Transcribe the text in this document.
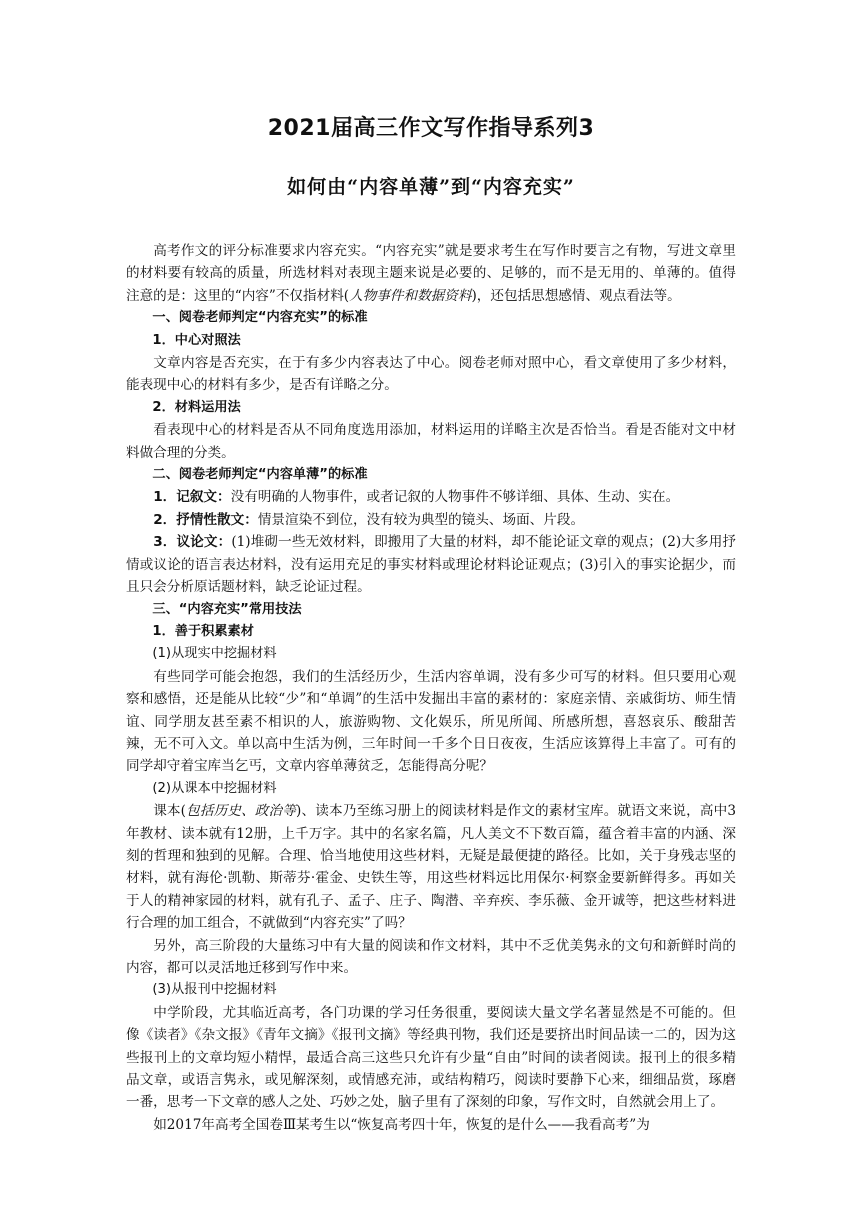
2021届高三作文写作指导系列3
如何由“内容单薄”到“内容充实”

高考作文的评分标准要求内容充实。“内容充实”就是要求考生在写作时要言之有物，写进文章里的材料要有较高的质量，所选材料对表现主题来说是必要的、足够的，而不是无用的、单薄的。值得注意的是：这里的“内容”不仅指材料(人物事件和数据资料)，还包括思想感情、观点看法等。

一、阅卷老师判定“内容充实”的标准

1．中心对照法

文章内容是否充实，在于有多少内容表达了中心。阅卷老师对照中心，看文章使用了多少材料，能表现中心的材料有多少，是否有详略之分。

2．材料运用法

看表现中心的材料是否从不同角度选用添加，材料运用的详略主次是否恰当。看是否能对文中材料做合理的分类。

二、阅卷老师判定“内容单薄”的标准

1．记叙文：没有明确的人物事件，或者记叙的人物事件不够详细、具体、生动、实在。

2．抒情性散文：情景渲染不到位，没有较为典型的镜头、场面、片段。

3．议论文：(1)堆砌一些无效材料，即搬用了大量的材料，却不能论证文章的观点；(2)大多用抒情或议论的语言表达材料，没有运用充足的事实材料或理论材料论证观点；(3)引入的事实论据少，而且只会分析原话题材料，缺乏论证过程。

三、“内容充实”常用技法

1．善于积累素材

(1)从现实中挖掘材料

有些同学可能会抱怨，我们的生活经历少，生活内容单调，没有多少可写的材料。但只要用心观察和感悟，还是能从比较“少”和“单调”的生活中发掘出丰富的素材的：家庭亲情、亲戚街坊、师生情谊、同学朋友甚至素不相识的人，旅游购物、文化娱乐，所见所闻、所感所想，喜怒哀乐、酸甜苦辣，无不可入文。单以高中生活为例，三年时间一千多个日日夜夜，生活应该算得上丰富了。可有的同学却守着宝库当乞丐，文章内容单薄贫乏，怎能得高分呢？

(2)从课本中挖掘材料

课本(包括历史、政治等)、读本乃至练习册上的阅读材料是作文的素材宝库。就语文来说，高中3 年教材、读本就有12册，上千万字。其中的名家名篇，凡人美文不下数百篇，蕴含着丰富的内涵、深刻的哲理和独到的见解。合理、恰当地使用这些材料，无疑是最便捷的路径。比如，关于身残志坚的材料，就有海伦·凯勒、斯蒂芬·霍金、史铁生等，用这些材料远比用保尔·柯察金要新鲜得多。再如关于人的精神家园的材料，就有孔子、孟子、庄子、陶潜、辛弃疾、李乐薇、金开诚等，把这些材料进行合理的加工组合，不就做到“内容充实”了吗？

另外，高三阶段的大量练习中有大量的阅读和作文材料，其中不乏优美隽永的文句和新鲜时尚的内容，都可以灵活地迁移到写作中来。

(3)从报刊中挖掘材料

中学阶段，尤其临近高考，各门功课的学习任务很重，要阅读大量文学名著显然是不可能的。但像《读者》《杂文报》《青年文摘》《报刊文摘》等经典刊物，我们还是要挤出时间品读一二的，因为这些报刊上的文章均短小精悍，最适合高三这些只允许有少量“自由”时间的读者阅读。报刊上的很多精品文章，或语言隽永，或见解深刻，或情感充沛，或结构精巧，阅读时要静下心来，细细品赏，琢磨一番，思考一下文章的感人之处、巧妙之处，脑子里有了深刻的印象，写作文时，自然就会用上了。

如2017年高考全国卷Ⅲ某考生以“恢复高考四十年，恢复的是什么——我看高考”为
